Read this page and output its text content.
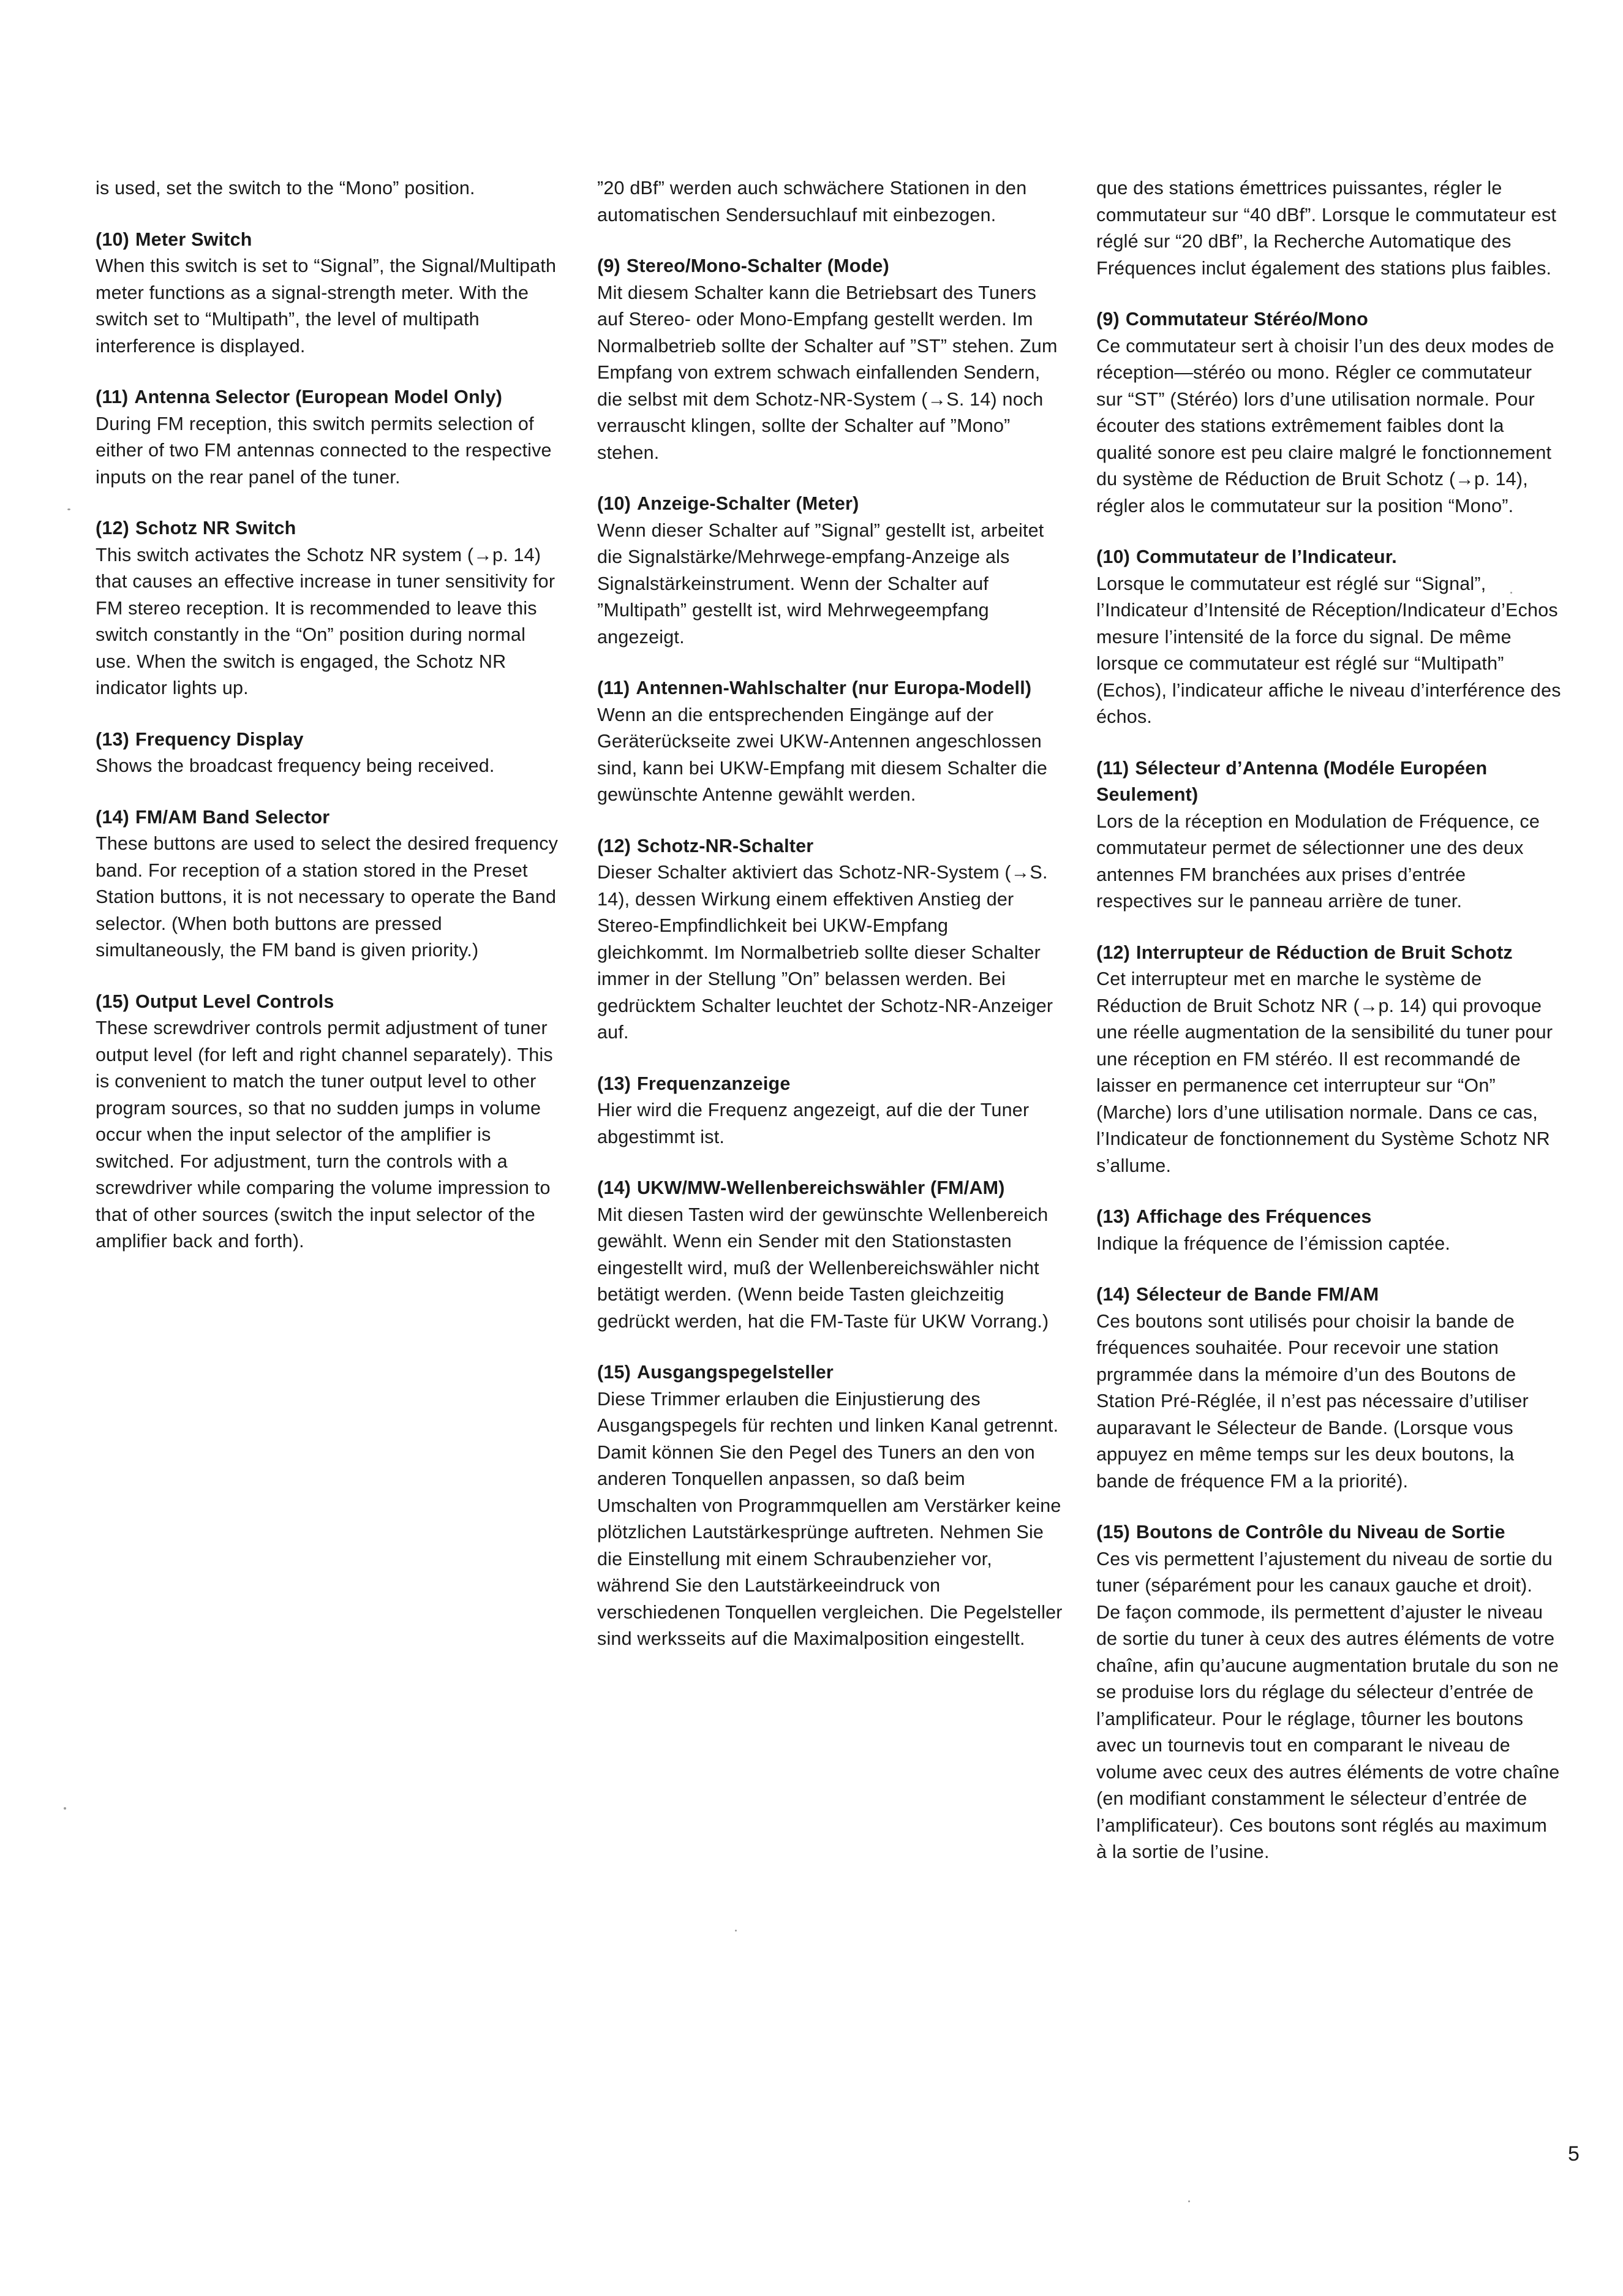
is used, set the switch to the “Mono” position.

(10) Meter Switch

When this switch is set to “Signal”, the Signal/Multipath meter functions as a signal-strength meter. With the switch set to “Multipath”, the level of multipath interference is displayed.

(11) Antenna Selector (European Model Only)

During FM reception, this switch permits selection of either of two FM antennas connected to the respective inputs on the rear panel of the tuner.

(12) Schotz NR Switch

This switch activates the Schotz NR system (→p. 14) that causes an effective increase in tuner sensitivity for FM stereo reception. It is recommended to leave this switch constantly in the “On” position during normal use. When the switch is engaged, the Schotz NR indicator lights up.

(13) Frequency Display

Shows the broadcast frequency being received.

(14) FM/AM Band Selector

These buttons are used to select the desired frequency band. For reception of a station stored in the Preset Station buttons, it is not necessary to operate the Band selector. (When both buttons are pressed simultaneously, the FM band is given priority.)

(15) Output Level Controls

These screwdriver controls permit adjustment of tuner output level (for left and right channel separately). This is convenient to match the tuner output level to other program sources, so that no sudden jumps in volume occur when the input selector of the amplifier is switched. For adjustment, turn the controls with a screwdriver while comparing the volume impression to that of other sources (switch the input selector of the amplifier back and forth).

”20 dBf” werden auch schwächere Stationen in den automatischen Sendersuchlauf mit einbezogen.

(9) Stereo/Mono-Schalter (Mode)

Mit diesem Schalter kann die Betriebsart des Tuners auf Stereo- oder Mono-Empfang gestellt werden. Im Normalbetrieb sollte der Schalter auf ”ST” stehen. Zum Empfang von extrem schwach einfallenden Sendern, die selbst mit dem Schotz-NR-System (→S. 14) noch verrauscht klingen, sollte der Schalter auf ”Mono” stehen.

(10) Anzeige-Schalter (Meter)

Wenn dieser Schalter auf ”Signal” gestellt ist, arbeitet die Signalstärke/Mehrwege-empfang-Anzeige als Signalstärkeinstrument. Wenn der Schalter auf ”Multipath” gestellt ist, wird Mehrwegeempfang angezeigt.

(11) Antennen-Wahlschalter (nur Europa-Modell)

Wenn an die entsprechenden Eingänge auf der Geräterückseite zwei UKW-Antennen angeschlossen sind, kann bei UKW-Empfang mit diesem Schalter die gewünschte Antenne gewählt werden.

(12) Schotz-NR-Schalter

Dieser Schalter aktiviert das Schotz-NR-System (→S. 14), dessen Wirkung einem effektiven Anstieg der Stereo-Empfindlichkeit bei UKW-Empfang gleichkommt. Im Normalbetrieb sollte dieser Schalter immer in der Stellung ”On” belassen werden. Bei gedrücktem Schalter leuchtet der Schotz-NR-Anzeiger auf.

(13) Frequenzanzeige

Hier wird die Frequenz angezeigt, auf die der Tuner abgestimmt ist.

(14) UKW/MW-Wellenbereichswähler (FM/AM)

Mit diesen Tasten wird der gewünschte Wellenbereich gewählt. Wenn ein Sender mit den Stationstasten eingestellt wird, muß der Wellenbereichswähler nicht betätigt werden. (Wenn beide Tasten gleichzeitig gedrückt werden, hat die FM-Taste für UKW Vorrang.)

(15) Ausgangspegelsteller

Diese Trimmer erlauben die Einjustierung des Ausgangspegels für rechten und linken Kanal getrennt. Damit können Sie den Pegel des Tuners an den von anderen Tonquellen anpassen, so daß beim Umschalten von Programmquellen am Verstärker keine plötzlichen Lautstärkesprünge auftreten. Nehmen Sie die Einstellung mit einem Schraubenzieher vor, während Sie den Lautstärkeeindruck von verschiedenen Tonquellen vergleichen. Die Pegelsteller sind werksseits auf die Maximalposition eingestellt.

que des stations émettrices puissantes, régler le commutateur sur “40 dBf”. Lorsque le commutateur est réglé sur “20 dBf”, la Recherche Automatique des Fréquences inclut également des stations plus faibles.

(9) Commutateur Stéréo/Mono

Ce commutateur sert à choisir l’un des deux modes de réception—stéréo ou mono. Régler ce commutateur sur “ST” (Stéréo) lors d’une utilisation normale. Pour écouter des stations extrêmement faibles dont la qualité sonore est peu claire malgré le fonctionnement du système de Réduction de Bruit Schotz (→p. 14), régler alos le commutateur sur la position “Mono”.

(10) Commutateur de l’Indicateur.

Lorsque le commutateur est réglé sur “Signal”, l’Indicateur d’Intensité de Réception/Indicateur d’Echos mesure l’intensité de la force du signal. De même lorsque ce commutateur est réglé sur “Multipath” (Echos), l’indicateur affiche le niveau d’interférence des échos.

(11) Sélecteur d’Antenna (Modéle Européen Seulement)

Lors de la réception en Modulation de Fréquence, ce commutateur permet de sélectionner une des deux antennes FM branchées aux prises d’entrée respectives sur le panneau arrière de tuner.

(12) Interrupteur de Réduction de Bruit Schotz

Cet interrupteur met en marche le système de Réduction de Bruit Schotz NR (→p. 14) qui provoque une réelle augmentation de la sensibilité du tuner pour une réception en FM stéréo. Il est recommandé de laisser en permanence cet interrupteur sur “On” (Marche) lors d’une utilisation normale. Dans ce cas, l’Indicateur de fonctionnement du Système Schotz NR s’allume.

(13) Affichage des Fréquences

Indique la fréquence de l’émission captée.

(14) Sélecteur de Bande FM/AM

Ces boutons sont utilisés pour choisir la bande de fréquences souhaitée. Pour recevoir une station prgrammée dans la mémoire d’un des Boutons de Station Pré-Réglée, il n’est pas nécessaire d’utiliser auparavant le Sélecteur de Bande. (Lorsque vous appuyez en même temps sur les deux boutons, la bande de fréquence FM a la priorité).

(15) Boutons de Contrôle du Niveau de Sortie

Ces vis permettent l’ajustement du niveau de sortie du tuner (séparément pour les canaux gauche et droit). De façon commode, ils permettent d’ajuster le niveau de sortie du tuner à ceux des autres éléments de votre chaîne, afin qu’aucune augmentation brutale du son ne se produise lors du réglage du sélecteur d’entrée de l’amplificateur. Pour le réglage, tôurner les boutons avec un tournevis tout en comparant le niveau de volume avec ceux des autres éléments de votre chaîne (en modifiant constamment le sélecteur d’entrée de l’amplificateur). Ces boutons sont réglés au maximum à la sortie de l’usine.

5
